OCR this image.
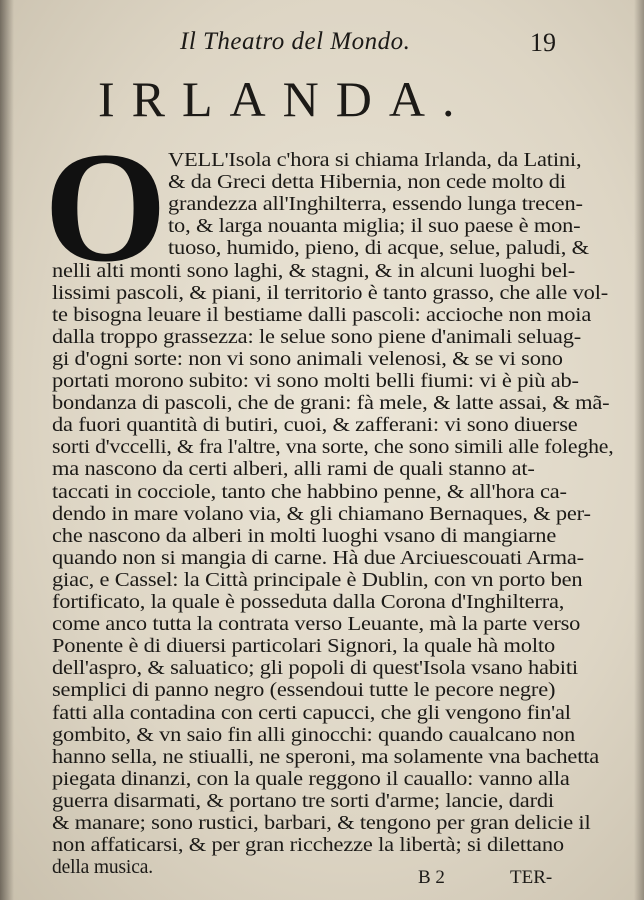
Il Theatro del Mondo.	19
IRLANDA.
O VELL'Isola c'hora si chiama Irlanda, da Latini,
& da Greci detta Hibernia, non cede molto di
grandezza all'Inghilterra, essendo lunga trecen-
to, & larga nouanta miglia; il suo paese è mon-
tuoso, humido, pieno, di acque, selue, paludi, &
nelli alti monti sono laghi, & stagni, & in alcuni luoghi bel-
lissimi pascoli, & piani, il territorio è tanto grasso, che alle vol-
te bisogna leuare il bestiame dalli pascoli: accioche non moia
dalla troppo grassezza: le selue sono piene d'animali seluag-
gi d'ogni sorte: non vi sono animali velenosi, & se vi sono
portati morono subito: vi sono molti belli fiumi: vi è più ab-
bondanza di pascoli, che de grani: fà mele, & latte assai, & mã-
da fuori quantità di butiri, cuoi, & zafferani: vi sono diuerse
sorti d'vccelli, & fra l'altre, vna sorte, che sono simili alle foleghe,
ma nascono da certi alberi, alli rami de quali stanno at-
taccati in cocciole, tanto che habbino penne, & all'hora ca-
dendo in mare volano via, & gli chiamano Bernaques, & per-
che nascono da alberi in molti luoghi vsano di mangiarne
quando non si mangia di carne. Hà due Arciuescouati Arma-
giac, e Cassel: la Città principale è Dublin, con vn porto ben
fortificato, la quale è posseduta dalla Corona d'Inghilterra,
come anco tutta la contrata verso Leuante, mà la parte verso
Ponente è di diuersi particolari Signori, la quale hà molto
dell'aspro, & saluatico; gli popoli di quest'Isola vsano habiti
semplici di panno negro (essendoui tutte le pecore negre)
fatti alla contadina con certi capucci, che gli vengono fin'al
gombito, & vn saio fin alli ginocchi: quando caualcano non
hanno sella, ne stiualli, ne speroni, ma solamente vna bachetta
piegata dinanzi, con la quale reggono il cauallo: vanno alla
guerra disarmati, & portano tre sorti d'arme; lancie, dardi
& manare; sono rustici, barbari, & tengono per gran delicie il
non affaticarsi, & per gran ricchezze la libertà; si dilettano
della musica.	B 2	TER-
